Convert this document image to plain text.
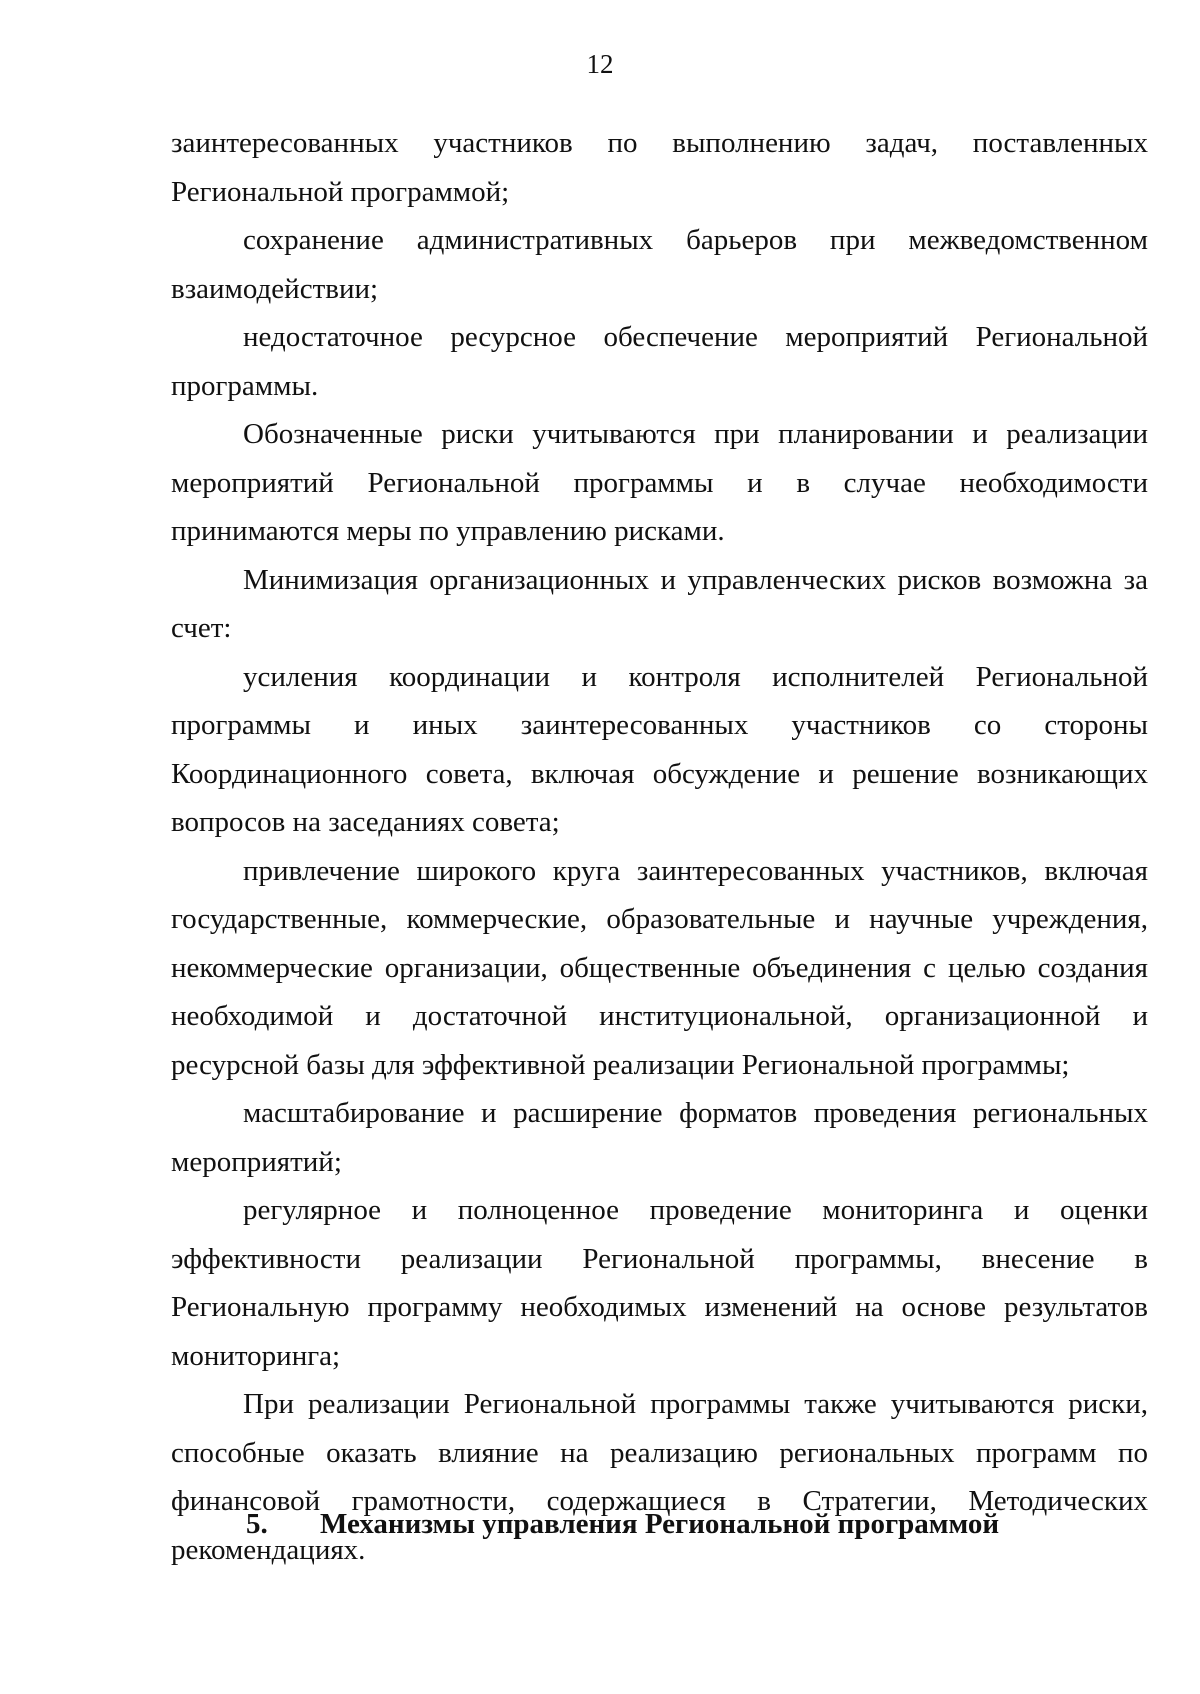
12

заинтересованных участников по выполнению задач, поставленных Региональной программой;

сохранение административных барьеров при межведомственном взаимодействии;

недостаточное ресурсное обеспечение мероприятий Региональной программы.

Обозначенные риски учитываются при планировании и реализации мероприятий Региональной программы и в случае необходимости принимаются меры по управлению рисками.

Минимизация организационных и управленческих рисков возможна за счет:

усиления координации и контроля исполнителей Региональной программы и иных заинтересованных участников со стороны Координационного совета, включая обсуждение и решение возникающих вопросов на заседаниях совета;

привлечение широкого круга заинтересованных участников, включая государственные, коммерческие, образовательные и научные учреждения, некоммерческие организации, общественные объединения с целью создания необходимой и достаточной институциональной, организационной и ресурсной базы для эффективной реализации Региональной программы;

масштабирование и расширение форматов проведения региональных мероприятий;

регулярное и полноценное проведение мониторинга и оценки эффективности реализации Региональной программы, внесение в Региональную программу необходимых изменений на основе результатов мониторинга;

При реализации Региональной программы также учитываются риски, способные оказать влияние на реализацию региональных программ по финансовой грамотности, содержащиеся в Стратегии, Методических рекомендациях.

5. Механизмы управления Региональной программой
